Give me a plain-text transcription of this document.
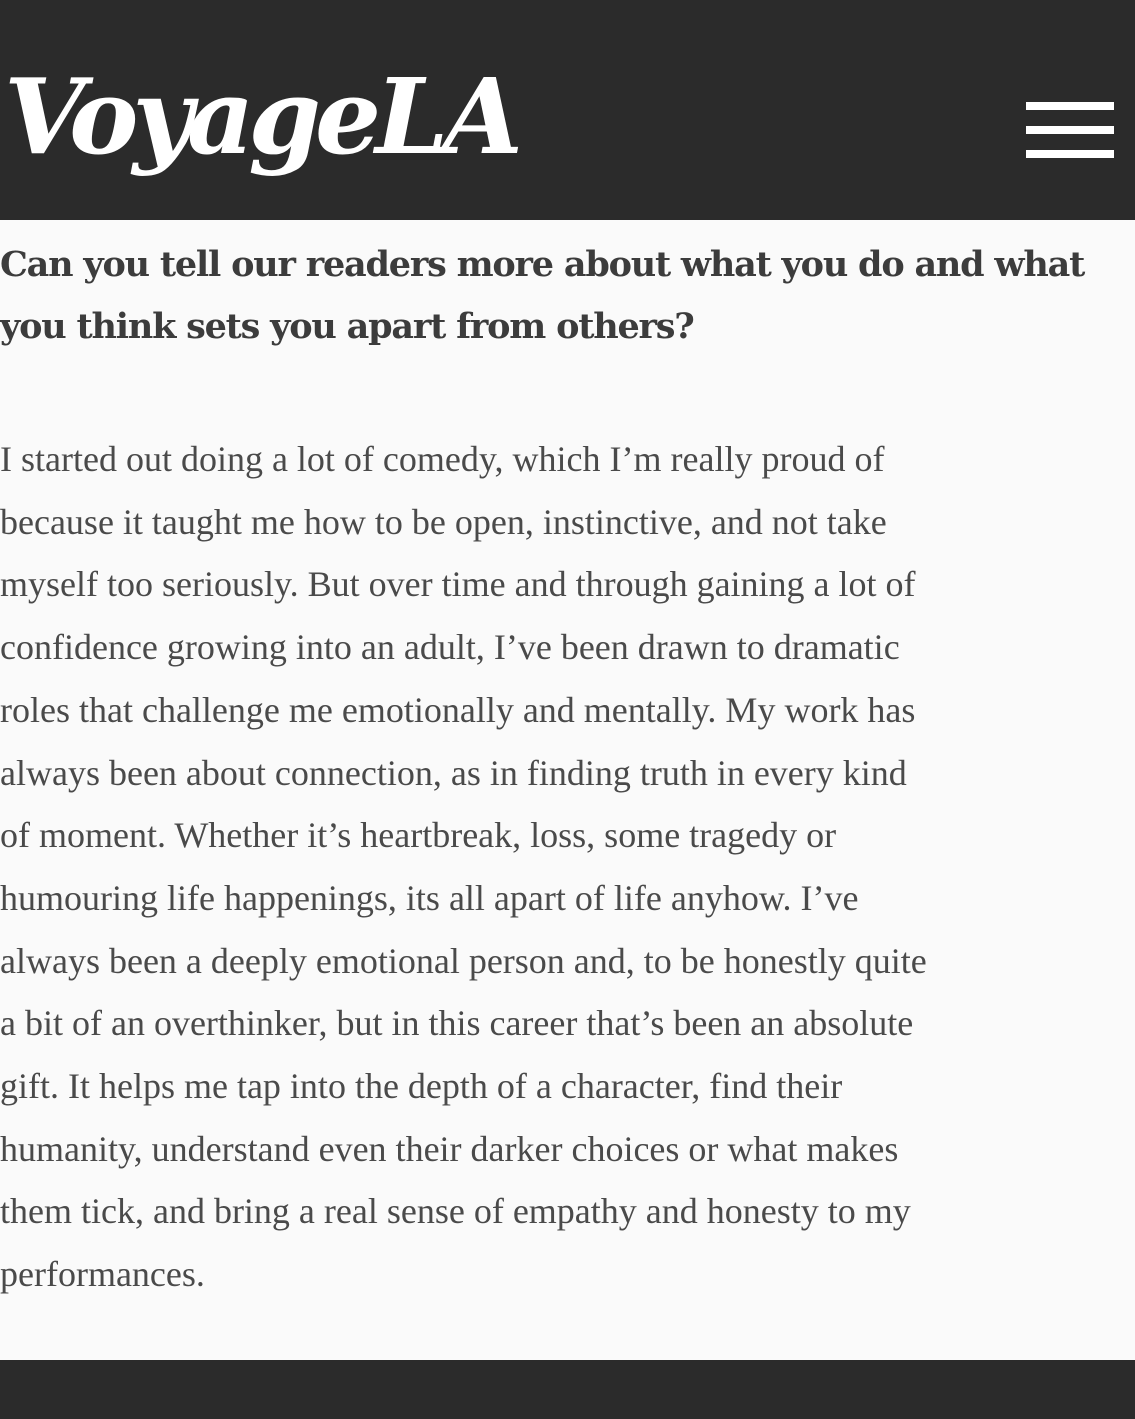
VoyageLA
Can you tell our readers more about what you do and what
you think sets you apart from others?
I started out doing a lot of comedy, which I’m really proud of
because it taught me how to be open, instinctive, and not take
myself too seriously. But over time and through gaining a lot of
confidence growing into an adult, I’ve been drawn to dramatic
roles that challenge me emotionally and mentally. My work has
always been about connection, as in finding truth in every kind
of moment. Whether it’s heartbreak, loss, some tragedy or
humouring life happenings, its all apart of life anyhow. I’ve
always been a deeply emotional person and, to be honestly quite
a bit of an overthinker, but in this career that’s been an absolute
gift. It helps me tap into the depth of a character, find their
humanity, understand even their darker choices or what makes
them tick, and bring a real sense of empathy and honesty to my
performances.
